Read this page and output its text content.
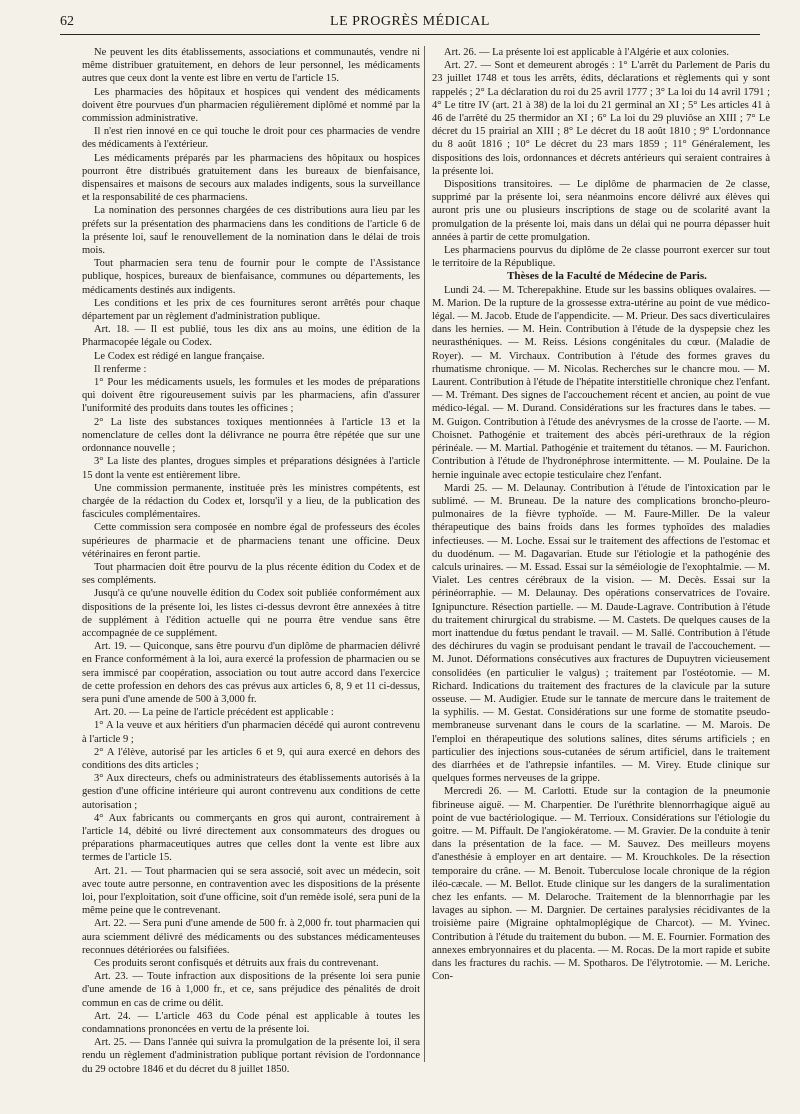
62	LE PROGRÈS MÉDICAL

Ne peuvent les dits établissements, associations et communautés, vendre ni même distribuer gratuitement, en dehors de leur personnel, les médicaments autres que ceux dont la vente est libre en vertu de l'article 15.

Les pharmacies des hôpitaux et hospices qui vendent des médicaments doivent être pourvues d'un pharmacien régulièrement diplômé et nommé par la commission administrative.

Il n'est rien innové en ce qui touche le droit pour ces pharmacies de vendre des médicaments à l'extérieur.

Les médicaments préparés par les pharmaciens des hôpitaux ou hospices pourront être distribués gratuitement dans les bureaux de bienfaisance, dispensaires et maisons de secours aux malades indigents, sous la surveillance et la responsabilité de ces pharmaciens.

La nomination des personnes chargées de ces distributions aura lieu par les préfets sur la présentation des pharmaciens dans les conditions de l'article 6 de la présente loi, sauf le renouvellement de la nomination dans le délai de trois mois.

Tout pharmacien sera tenu de fournir pour le compte de l'Assistance publique, hospices, bureaux de bienfaisance, communes ou départements, les médicaments destinés aux indigents.

Les conditions et les prix de ces fournitures seront arrêtés pour chaque département par un règlement d'administration publique.

Art. 18. — Il est publié, tous les dix ans au moins, une édition de la Pharmacopée légale ou Codex.

Le Codex est rédigé en langue française.

Il renferme :

1° Pour les médicaments usuels, les formules et les modes de préparations qui doivent être rigoureusement suivis par les pharmaciens, afin d'assurer l'uniformité des produits dans toutes les officines ;

2° La liste des substances toxiques mentionnées à l'article 13 et la nomenclature de celles dont la délivrance ne pourra être répétée que sur une ordonnance nouvelle ;

3° La liste des plantes, drogues simples et préparations désignées à l'article 15 dont la vente est entièrement libre.

Une commission permanente, instituée près les ministres compétents, est chargée de la rédaction du Codex et, lorsqu'il y a lieu, de la publication des fascicules complémentaires.

Cette commission sera composée en nombre égal de professeurs des écoles supérieures de pharmacie et de pharmaciens tenant une officine. Deux vétérinaires en feront partie.

Tout pharmacien doit être pourvu de la plus récente édition du Codex et de ses compléments.

Jusqu'à ce qu'une nouvelle édition du Codex soit publiée conformément aux dispositions de la présente loi, les listes ci-dessus devront être annexées à titre de supplément à l'édition actuelle qui ne pourra être vendue sans être accompagnée de ce supplément.

Art. 19. — Quiconque, sans être pourvu d'un diplôme de pharmacien délivré en France conformément à la loi, aura exercé la profession de pharmacien ou se sera immiscé par coopération, association ou tout autre accord dans l'exercice de cette profession en dehors des cas prévus aux articles 6, 8, 9 et 11 ci-dessus, sera puni d'une amende de 500 à 3,000 fr.

Art. 20. — La peine de l'article précédent est applicable :

1° A la veuve et aux héritiers d'un pharmacien décédé qui auront contrevenu à l'article 9 ;

2° A l'élève, autorisé par les articles 6 et 9, qui aura exercé en dehors des conditions des dits articles ;

3° Aux directeurs, chefs ou administrateurs des établissements autorisés à la gestion d'une officine intérieure qui auront contrevenu aux conditions de cette autorisation ;

4° Aux fabricants ou commerçants en gros qui auront, contrairement à l'article 14, débité ou livré directement aux consommateurs des drogues ou préparations pharmaceutiques autres que celles dont la vente est libre aux termes de l'article 15.

Art. 21. — Tout pharmacien qui se sera associé, soit avec un médecin, soit avec toute autre personne, en contravention avec les dispositions de la présente loi, pour l'exploitation, soit d'une officine, soit d'un remède isolé, sera puni de la même peine que le contrevenant.

Art. 22. — Sera puni d'une amende de 500 fr. à 2,000 fr. tout pharmacien qui aura sciemment délivré des médicaments ou des substances médicamenteuses reconnues détériorées ou falsifiées.

Ces produits seront confisqués et détruits aux frais du contrevenant.

Art. 23. — Toute infraction aux dispositions de la présente loi sera punie d'une amende de 16 à 1,000 fr., et ce, sans préjudice des pénalités de droit commun en cas de crime ou délit.

Art. 24. — L'article 463 du Code pénal est applicable à toutes les condamnations prononcées en vertu de la présente loi.

Art. 25. — Dans l'année qui suivra la promulgation de la présente loi, il sera rendu un règlement d'administration publique portant révision de l'ordonnance du 29 octobre 1846 et du décret du 8 juillet 1850.

Art. 26. — La présente loi est applicable à l'Algérie et aux colonies.

Art. 27. — Sont et demeurent abrogés : 1° L'arrêt du Parlement de Paris du 23 juillet 1748 et tous les arrêts, édits, déclarations et règlements qui y sont rappelés ; 2° La déclaration du roi du 25 avril 1777 ; 3° La loi du 14 avril 1791 ; 4° Le titre IV (art. 21 à 38) de la loi du 21 germinal an XI ; 5° Les articles 41 à 46 de l'arrêté du 25 thermidor an XI ; 6° La loi du 29 pluviôse an XIII ; 7° Le décret du 15 prairial an XIII ; 8° Le décret du 18 août 1810 ; 9° L'ordonnance du 8 août 1816 ; 10° Le décret du 23 mars 1859 ; 11° Généralement, les dispositions des lois, ordonnances et décrets antérieurs qui seraient contraires à la présente loi.

Dispositions transitoires. — Le diplôme de pharmacien de 2e classe, supprimé par la présente loi, sera néanmoins encore délivré aux élèves qui auront pris une ou plusieurs inscriptions de stage ou de scolarité avant la promulgation de la présente loi, mais dans un délai qui ne pourra dépasser huit années à partir de cette promulgation.

Les pharmaciens pourvus du diplôme de 2e classe pourront exercer sur tout le territoire de la République.

Thèses de la Faculté de Médecine de Paris.

Lundi 24. — M. Tcherepakhine. Etude sur les bassins obliques ovalaires. — M. Marion. De la rupture de la grossesse extra-utérine au point de vue médico-légal. — M. Jacob. Etude de l'appendicite. — M. Prieur. Des sacs diverticulaires dans les hernies. — M. Hein. Contribution à l'étude de la dyspepsie chez les neurasthéniques. — M. Reiss. Lésions congénitales du cœur. (Maladie de Royer). — M. Virchaux. Contribution à l'étude des formes graves du rhumatisme chronique. — M. Nicolas. Recherches sur le chancre mou. — M. Laurent. Contribution à l'étude de l'hépatite interstitielle chronique chez l'enfant. — M. Trémant. Des signes de l'accouchement récent et ancien, au point de vue médico-légal. — M. Durand. Considérations sur les fractures dans le tabes. — M. Guigon. Contribution à l'étude des anévrysmes de la crosse de l'aorte. — M. Choisnet. Pathogénie et traitement des abcès péri-urethraux de la région périnéale. — M. Martial. Pathogénie et traitement du tétanos. — M. Faurichon. Contribution à l'étude de l'hydronéphrose intermittente. — M. Poulaine. De la hernie inguinale avec ectopie testiculaire chez l'enfant.

Mardi 25. — M. Delaunay. Contribution à l'étude de l'intoxication par le sublimé. — M. Bruneau. De la nature des complications broncho-pleuro-pulmonaires de la fièvre typhoïde. — M. Faure-Miller. De la valeur thérapeutique des bains froids dans les formes typhoïdes des maladies infectieuses. — M. Loche. Essai sur le traitement des affections de l'estomac et du duodénum. — M. Dagavarian. Etude sur l'étiologie et la pathogénie des calculs urinaires. — M. Essad. Essai sur la séméiologie de l'exophtalmie. — M. Vialet. Les centres cérébraux de la vision. — M. Decès. Essai sur la périnéorraphie. — M. Delaunay. Des opérations conservatrices de l'ovaire. Ignipuncture. Résection partielle. — M. Daude-Lagrave. Contribution à l'étude du traitement chirurgical du strabisme. — M. Castets. De quelques causes de la mort inattendue du fœtus pendant le travail. — M. Sallé. Contribution à l'étude des déchirures du vagin se produisant pendant le travail de l'accouchement. — M. Junot. Déformations consécutives aux fractures de Dupuytren vicieusement consolidées (en particulier le valgus) ; traitement par l'ostéotomie. — M. Richard. Indications du traitement des fractures de la clavicule par la suture osseuse. — M. Audigier. Etude sur le tannate de mercure dans le traitement de la syphilis. — M. Gestat. Considérations sur une forme de stomatite pseudo-membraneuse survenant dans le cours de la scarlatine. — M. Marois. De l'emploi en thérapeutique des solutions salines, dites sérums artificiels ; en particulier des injections sous-cutanées de sérum artificiel, dans le traitement des diarrhées et de l'athrepsie infantiles. — M. Virey. Etude clinique sur quelques formes nerveuses de la grippe.

Mercredi 26. — M. Carlotti. Etude sur la contagion de la pneumonie fibrineuse aiguë. — M. Charpentier. De l'uréthrite blennorrhagique aiguë au point de vue bactériologique. — M. Terrioux. Considérations sur l'étiologie du goitre. — M. Piffault. De l'angiokératome. — M. Gravier. De la conduite à tenir dans la présentation de la face. — M. Sauvez. Des meilleurs moyens d'anesthésie à employer en art dentaire. — M. Krouchkoles. De la résection temporaire du crâne. — M. Benoit. Tuberculose locale chronique de la région iléo-cæcale. — M. Bellot. Etude clinique sur les dangers de la suralimentation chez les enfants. — M. Delaroche. Traitement de la blennorrhagie par les lavages au siphon. — M. Dargnier. De certaines paralysies récidivantes de la troisième paire (Migraine ophtalmoplégique de Charcot). — M. Yvinec. Contribution à l'étude du traitement du bubon. — M. E. Fournier. Formation des annexes embryonnaires et du placenta. — M. Rocas. De la mort rapide et subite dans les fractures du rachis. — M. Spotharos. De l'élytrotomie. — M. Leriche. Con-
